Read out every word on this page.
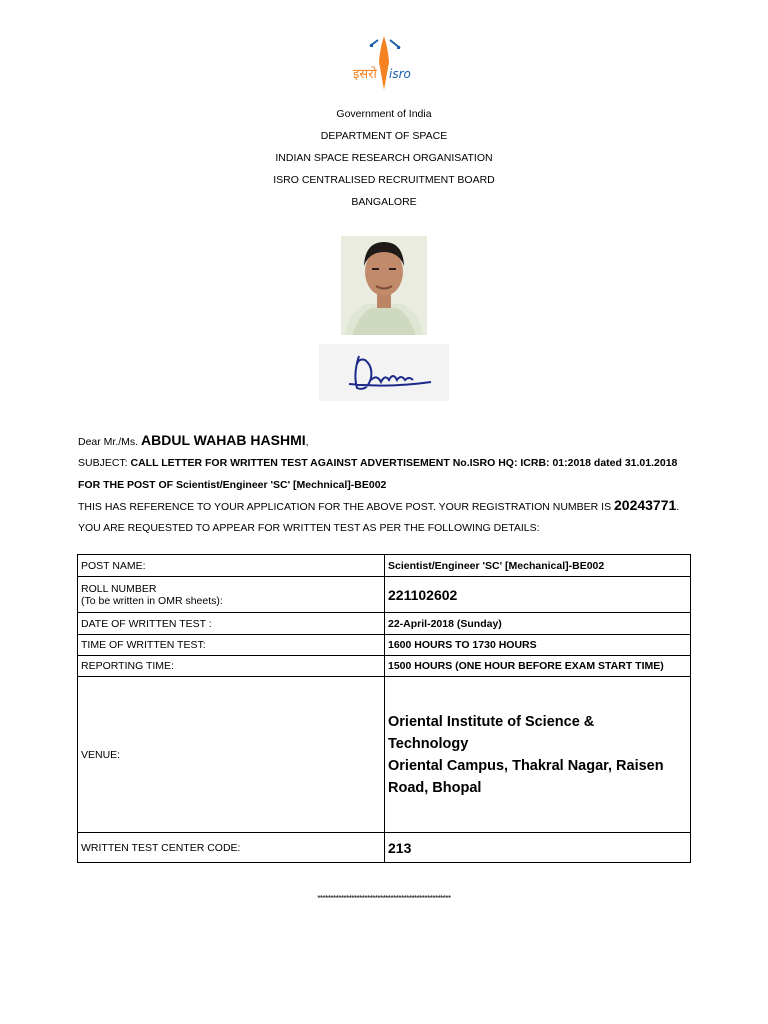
इसरो isro
Government of India
DEPARTMENT OF SPACE
INDIAN SPACE RESEARCH ORGANISATION
ISRO CENTRALISED RECRUITMENT BOARD
BANGALORE
Dear Mr./Ms. ABDUL WAHAB HASHMI,
SUBJECT: CALL LETTER FOR WRITTEN TEST AGAINST ADVERTISEMENT No.ISRO HQ: ICRB: 01:2018 dated 31.01.2018
FOR THE POST OF Scientist/Engineer 'SC' [Mechnical]-BE002
THIS HAS REFERENCE TO YOUR APPLICATION FOR THE ABOVE POST. YOUR REGISTRATION NUMBER IS 20243771.
YOU ARE REQUESTED TO APPEAR FOR WRITTEN TEST AS PER THE FOLLOWING DETAILS:
POST NAME:	Scientist/Engineer 'SC' [Mechanical]-BE002

ROLL NUMBER
(To be written in OMR sheets):	221102602
DATE OF WRITTEN TEST :	22-April-2018 (Sunday)
TIME OF WRITTEN TEST:	1600 HOURS TO 1730 HOURS
REPORTING TIME:	1500 HOURS (ONE HOUR BEFORE EXAM START TIME)
VENUE:	Oriental Institute of Science &
Technology
Oriental Campus, Thakral Nagar, Raisen
Road, Bhopal

WRITTEN TEST CENTER CODE:	213
***************************************************
